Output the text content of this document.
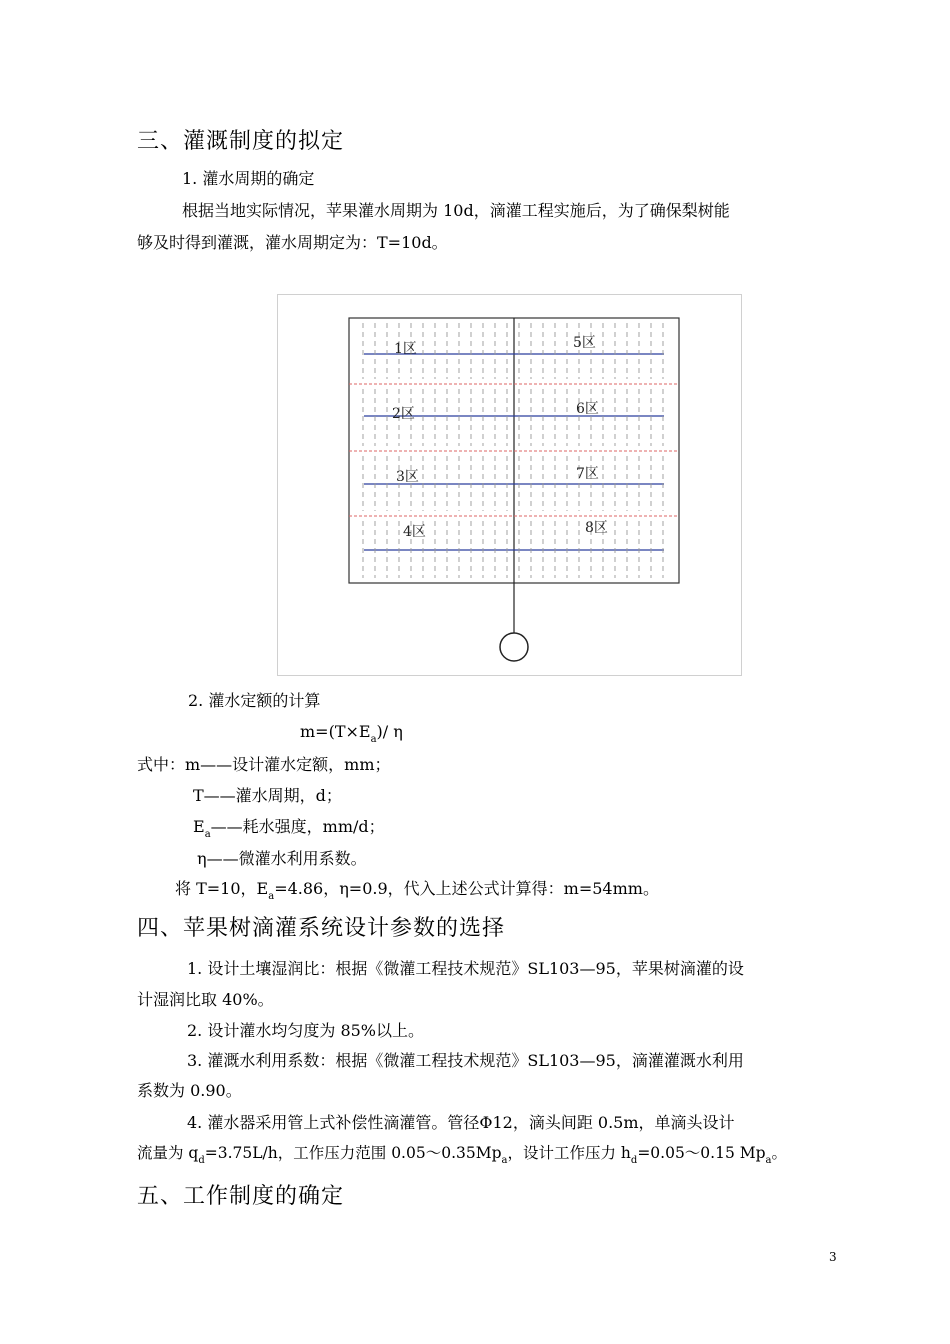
三、灌溉制度的拟定
1. 灌水周期的确定
根据当地实际情况，苹果灌水周期为 10d，滴灌工程实施后，为了确保梨树能
够及时得到灌溉，灌水周期定为：T=10d。
1区
2区
3区
4区
5区
6区
7区
8区
2. 灌水定额的计算
$m=(T\times E_a)/$ η
式中：m——设计灌水定额，mm；
T——灌水周期，d；
$E_a——$耗水强度，mm/d；
η——微灌水利用系数。
将 T=10，$E_a=4.86$，η=0.9，代入上述公式计算得：m=54mm。
四、苹果树滴灌系统设计参数的选择
1. 设计土壤湿润比：根据《微灌工程技术规范》SL103—95，苹果树滴灌的设
计湿润比取 40%。
2. 设计灌水均匀度为 85%以上。
3. 灌溉水利用系数：根据《微灌工程技术规范》SL103—95，滴灌灌溉水利用
系数为 0.90。
4. 灌水器采用管上式补偿性滴灌管。管径Φ12，滴头间距 0.5m，单滴头设计
流量为 $q_d=3.75L/h$，工作压力范围 $0.05\sim 0.35Mp_a$，设计工作压力 $h_d=0.05\sim 0.15$ $Mp_a$。
五、工作制度的确定
3
